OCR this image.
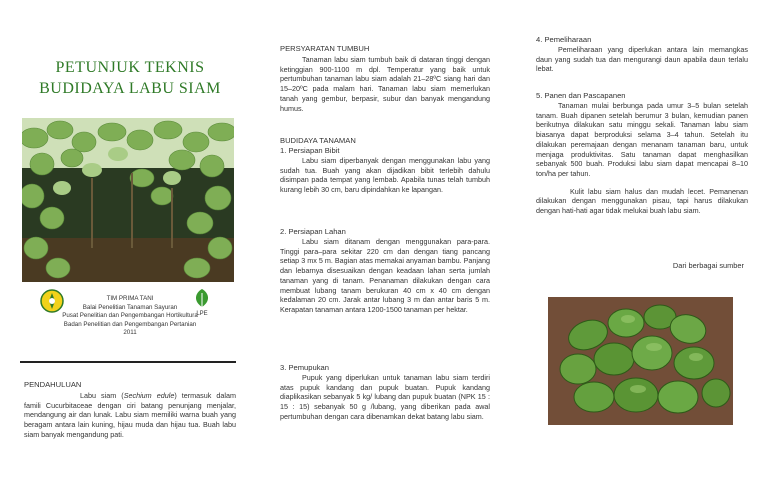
PETUNJUK TEKNIS
BUDIDAYA LABU SIAM
LPE
TIM PRIMA TANI
Balai Penelitian Tanaman Sayuran
Pusat Penelitian dan Pengembangan Hortikultura
Badan Penelitian dan Pengembangan Pertanian
2011

PENDAHULUAN

Labu siam (Sechium edule) termasuk dalam famili Cucurbitaceae dengan ciri batang penunjang menjalar, mendangung air dan lunak. Labu siam memiliki warna buah yang beragam antara lain kuning, hijau muda dan hijau tua. Buah labu siam banyak mengandung pati.

PERSYARATAN TUMBUH

Tanaman labu siam tumbuh baik di dataran tinggi dengan ketinggian 900-1100 m dpl. Temperatur yang baik untuk pertumbuhan tanaman labu siam adalah 21–28ºC siang hari dan 15–20ºC pada malam hari. Tanaman labu siam memerlukan tanah yang gembur, berpasir, subur dan banyak mengandung humus.

BUDIDAYA TANAMAN

1. Persiapan Bibit

Labu siam diperbanyak dengan menggunakan labu yang sudah tua. Buah yang akan dijadikan bibit terlebih dahulu disimpan pada tempat yang lembab. Apabila tunas telah tumbuh kurang lebih 30 cm, baru dipindahkan ke lapangan.

2. Persiapan Lahan

Labu siam ditanam dengan menggunakan para-para. Tinggi para–para sekitar 220 cm dan dengan tiang pancang setiap 3 mx 5 m. Bagian atas memakai anyaman bambu. Panjang dan lebarnya disesuaikan dengan keadaan lahan serta jumlah tanaman yang di tanam. Penanaman dilakukan dengan cara membuat lubang tanam berukuran 40 cm x 40 cm dengan kedalaman 20 cm. Jarak antar lubang 3 m dan antar baris 5 m. Kerapatan tanaman antara 1200-1500 tanaman per hektar.

3. Pemupukan

Pupuk yang diperlukan untuk tanaman labu siam terdiri atas pupuk kandang dan pupuk buatan. Pupuk kandang diaplikasikan sebanyak 5 kg/ lubang dan pupuk buatan (NPK 15 : 15 : 15) sebanyak 50 g /lubang, yang diberikan pada awal pertumbuhan dengan cara dibenamkan dekat batang labu siam.

4. Pemeliharaan

Pemeliharaan yang diperlukan antara lain memangkas daun yang sudah tua dan mengurangi daun apabila daun terlalu lebat.

5. Panen dan Pascapanen

Tanaman mulai berbunga pada umur 3–5 bulan setelah tanam. Buah dipanen setelah berumur 3 bulan, kemudian panen berikutnya dilakukan satu minggu sekali. Tanaman labu siam biasanya dapat berproduksi selama 3–4 tahun. Setelah itu dilakukan peremajaan dengan menanam tanaman baru, untuk menjaga produktivitas. Satu tanaman dapat menghasilkan sebanyak 500 buah. Produksi labu siam dapat mencapai 8–10 ton/ha per tahun.

Kulit labu siam halus dan mudah lecet. Pemanenan dilakukan dengan menggunakan pisau, tapi harus dilakukan dengan hati-hati agar tidak melukai buah labu siam.

Dari berbagai sumber
